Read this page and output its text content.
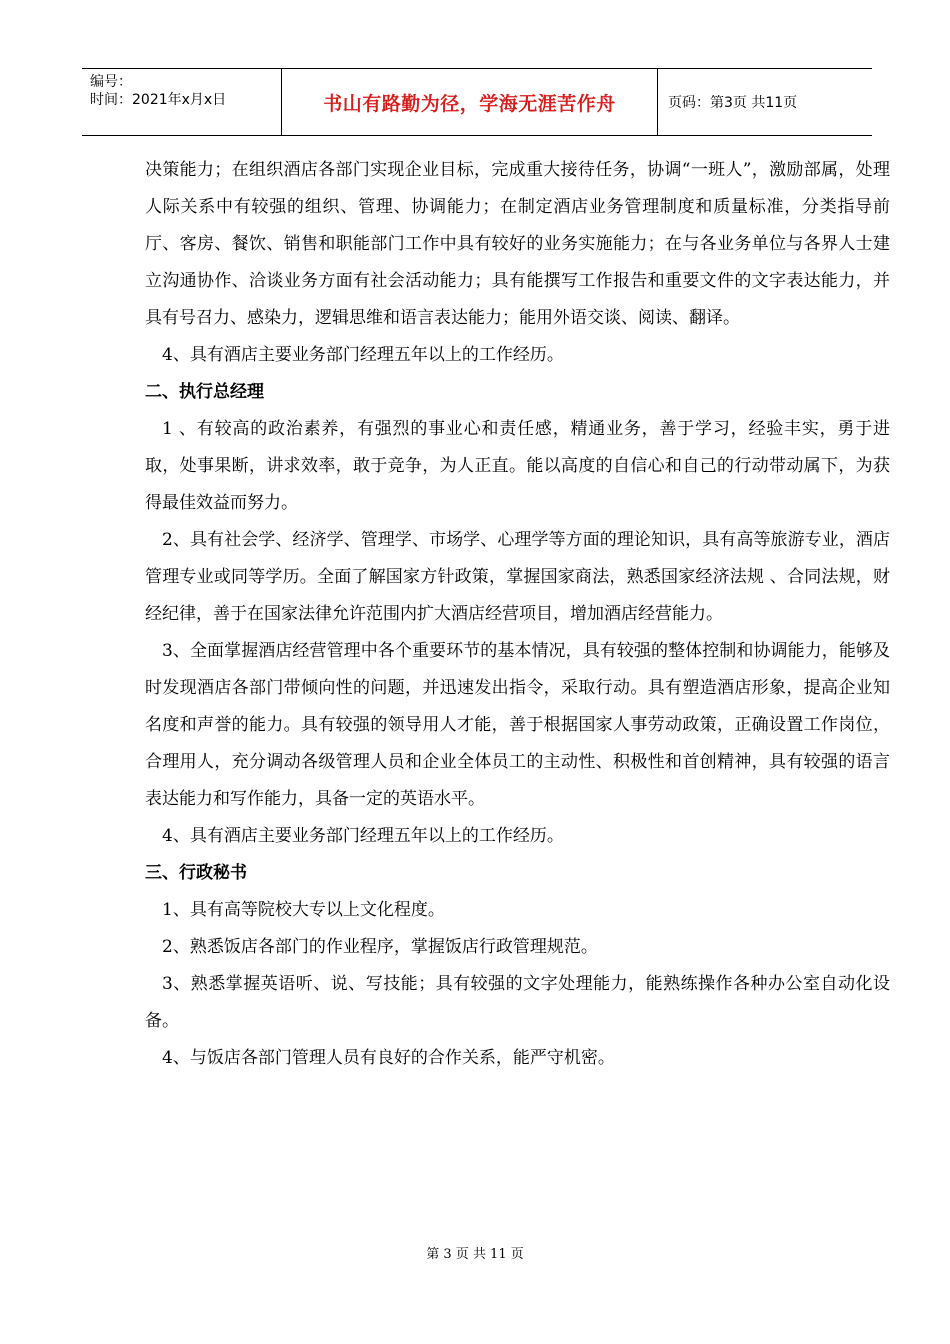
编号：
时间：2021年x月x日	书山有路勤为径，学海无涯苦作舟	页码：第3页 共11页

决策能力；在组织酒店各部门实现企业目标，完成重大接待任务，协调“一班人”，激励部属，处理人际关系中有较强的组织、管理、协调能力；在制定酒店业务管理制度和质量标准，分类指导前厅、客房、餐饮、销售和职能部门工作中具有较好的业务实施能力；在与各业务单位与各界人士建立沟通协作、洽谈业务方面有社会活动能力；具有能撰写工作报告和重要文件的文字表达能力，并具有号召力、感染力，逻辑思维和语言表达能力；能用外语交谈、阅读、翻译。

4、具有酒店主要业务部门经理五年以上的工作经历。

二、执行总经理

1 、有较高的政治素养，有强烈的事业心和责任感，精通业务，善于学习，经验丰实，勇于进取，处事果断，讲求效率，敢于竞争，为人正直。能以高度的自信心和自己的行动带动属下，为获得最佳效益而努力。

2、具有社会学、经济学、管理学、市场学、心理学等方面的理论知识，具有高等旅游专业，酒店管理专业或同等学历。全面了解国家方针政策，掌握国家商法，熟悉国家经济法规 、合同法规，财经纪律，善于在国家法律允许范围内扩大酒店经营项目，增加酒店经营能力。

3、全面掌握酒店经营管理中各个重要环节的基本情况，具有较强的整体控制和协调能力，能够及时发现酒店各部门带倾向性的问题，并迅速发出指令，采取行动。具有塑造酒店形象，提高企业知名度和声誉的能力。具有较强的领导用人才能，善于根据国家人事劳动政策，正确设置工作岗位，合理用人，充分调动各级管理人员和企业全体员工的主动性、积极性和首创精神，具有较强的语言表达能力和写作能力，具备一定的英语水平。

4、具有酒店主要业务部门经理五年以上的工作经历。

三、行政秘书

1、具有高等院校大专以上文化程度。

2、熟悉饭店各部门的作业程序，掌握饭店行政管理规范。

3、熟悉掌握英语听、说、写技能；具有较强的文字处理能力，能熟练操作各种办公室自动化设备。

4、与饭店各部门管理人员有良好的合作关系，能严守机密。

第 3 页 共 11 页
